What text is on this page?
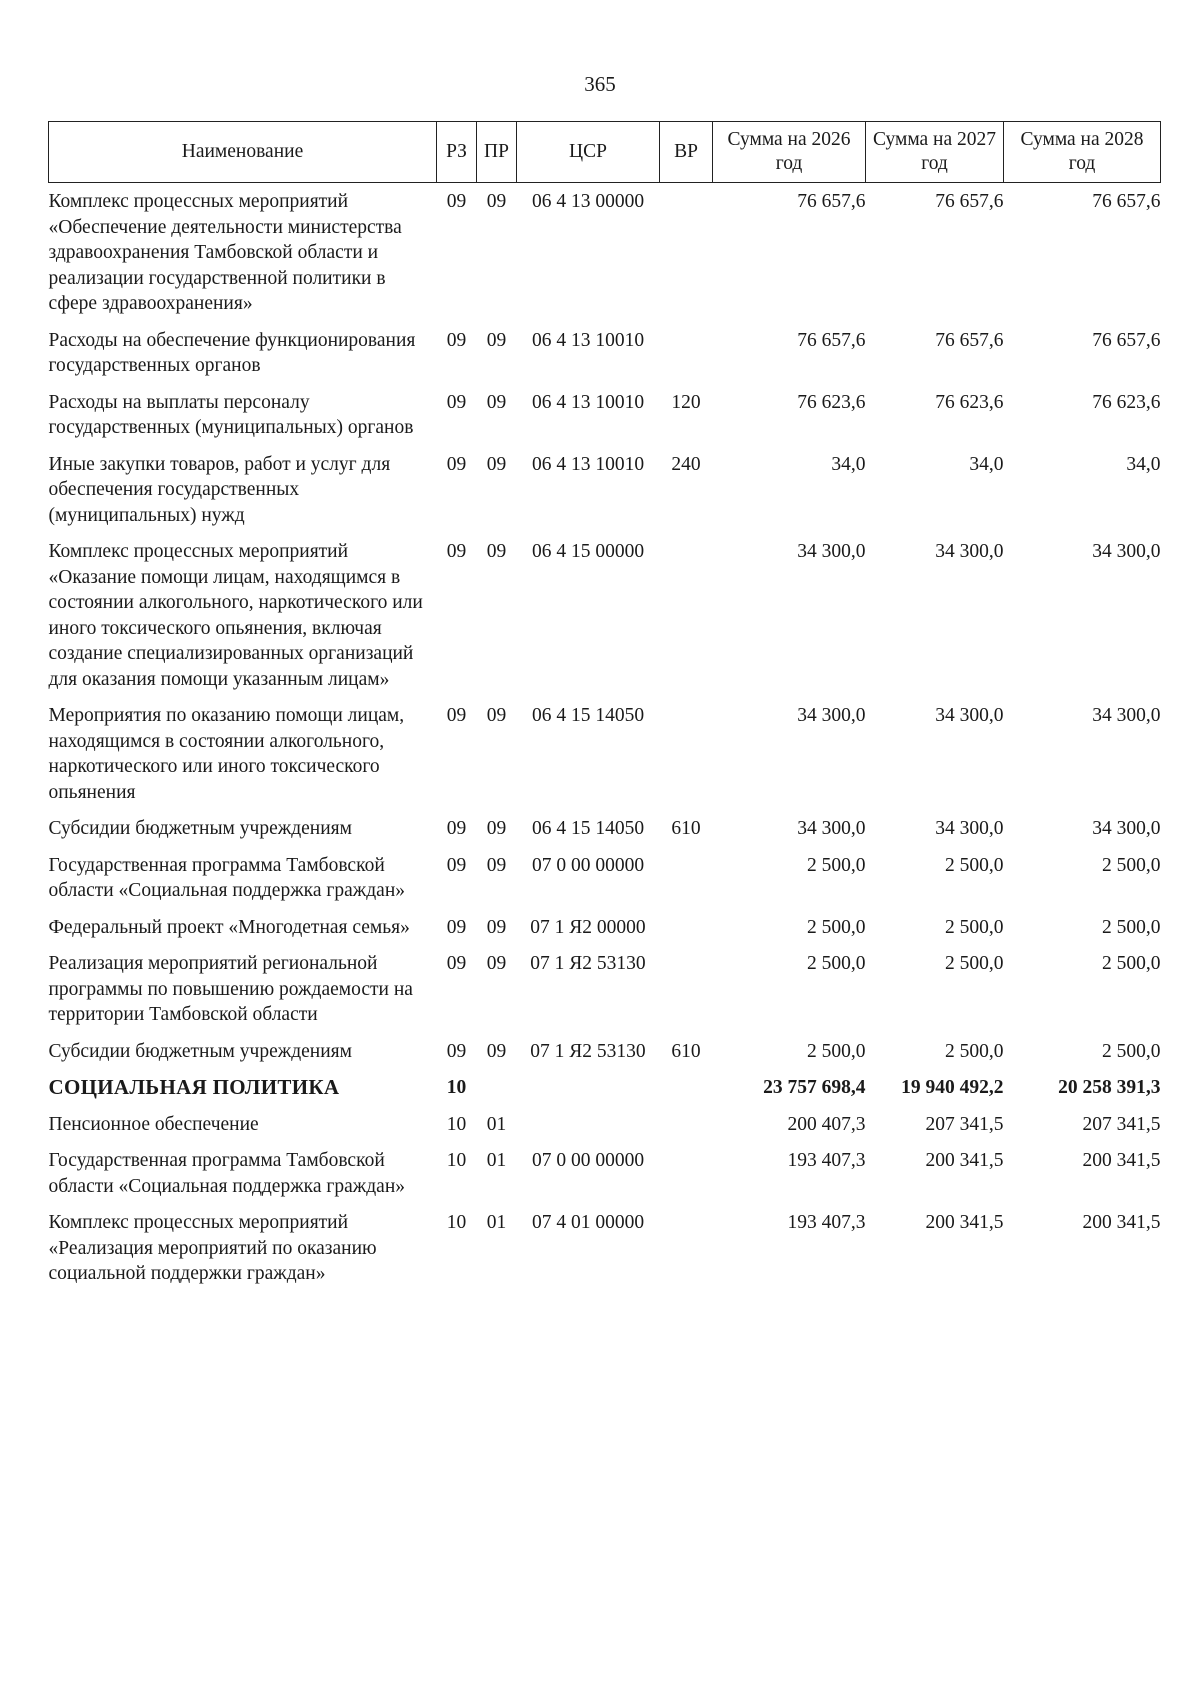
365
Наименование	РЗ	ПР	ЦСР	ВР	Сумма на 2026 год	Сумма на 2027 год	Сумма на 2028 год
Комплекс процессных мероприятий «Обеспечение деятельности министерства здравоохранения Тамбовской области и реализации государственной политики в сфере здравоохранения»	09	09	06 4 13 00000		76 657,6	76 657,6	76 657,6
Расходы на обеспечение функционирования государственных органов	09	09	06 4 13 10010		76 657,6	76 657,6	76 657,6
Расходы на выплаты персоналу государственных (муниципальных) органов	09	09	06 4 13 10010	120	76 623,6	76 623,6	76 623,6
Иные закупки товаров, работ и услуг для обеспечения государственных (муниципальных) нужд	09	09	06 4 13 10010	240	34,0	34,0	34,0
Комплекс процессных мероприятий «Оказание помощи лицам, находящимся в состоянии алкогольного, наркотического или иного токсического опьянения, включая создание специализированных организаций для оказания помощи указанным лицам»	09	09	06 4 15 00000		34 300,0	34 300,0	34 300,0
Мероприятия по оказанию помощи лицам, находящимся в состоянии алкогольного, наркотического или иного токсического опьянения	09	09	06 4 15 14050		34 300,0	34 300,0	34 300,0
Субсидии бюджетным учреждениям	09	09	06 4 15 14050	610	34 300,0	34 300,0	34 300,0
Государственная программа Тамбовской области «Социальная поддержка граждан»	09	09	07 0 00 00000		2 500,0	2 500,0	2 500,0
Федеральный проект «Многодетная семья»	09	09	07 1 Я2 00000		2 500,0	2 500,0	2 500,0
Реализация мероприятий региональной программы по повышению рождаемости на территории Тамбовской области	09	09	07 1 Я2 53130		2 500,0	2 500,0	2 500,0
Субсидии бюджетным учреждениям	09	09	07 1 Я2 53130	610	2 500,0	2 500,0	2 500,0
СОЦИАЛЬНАЯ ПОЛИТИКА	10				23 757 698,4	19 940 492,2	20 258 391,3
Пенсионное обеспечение	10	01			200 407,3	207 341,5	207 341,5
Государственная программа Тамбовской области «Социальная поддержка граждан»	10	01	07 0 00 00000		193 407,3	200 341,5	200 341,5
Комплекс процессных мероприятий «Реализация мероприятий по оказанию социальной поддержки граждан»	10	01	07 4 01 00000		193 407,3	200 341,5	200 341,5
